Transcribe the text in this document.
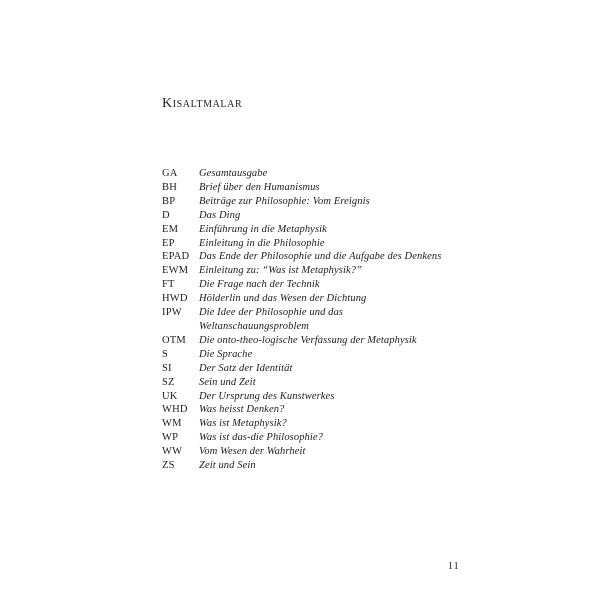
Kısaltmalar
GA	Gesamtausgabe
BH	Brief über den Humanismus
BP	Beiträge zur Philosophie: Vom Ereignis
D	Das Ding
EM	Einführung in die Metaphysik
EP	Einleitung in die Philosophie
EPAD Das Ende der Philosophie und die Aufgabe des Denkens
EWM	Einleitung zu: “Was ist Metaphysik?”
FT	Die Frage nach der Technik
HWD	Hölderlin und das Wesen der Dichtung
IPW	Die Idee der Philosophie und das Weltanschauungsproblem
OTM	Die onto-theo-logische Verfassung der Metaphysik
S	Die Sprache
SI	Der Satz der Identität
SZ	Sein und Zeit
UK	Der Ursprung des Kunstwerkes
WHD	Was heisst Denken?
WM	Was ist Metaphysik?
WP	Was ist das-die Philosophie?
WW	Vom Wesen der Wahrheit
ZS	Zeit und Sein
11
